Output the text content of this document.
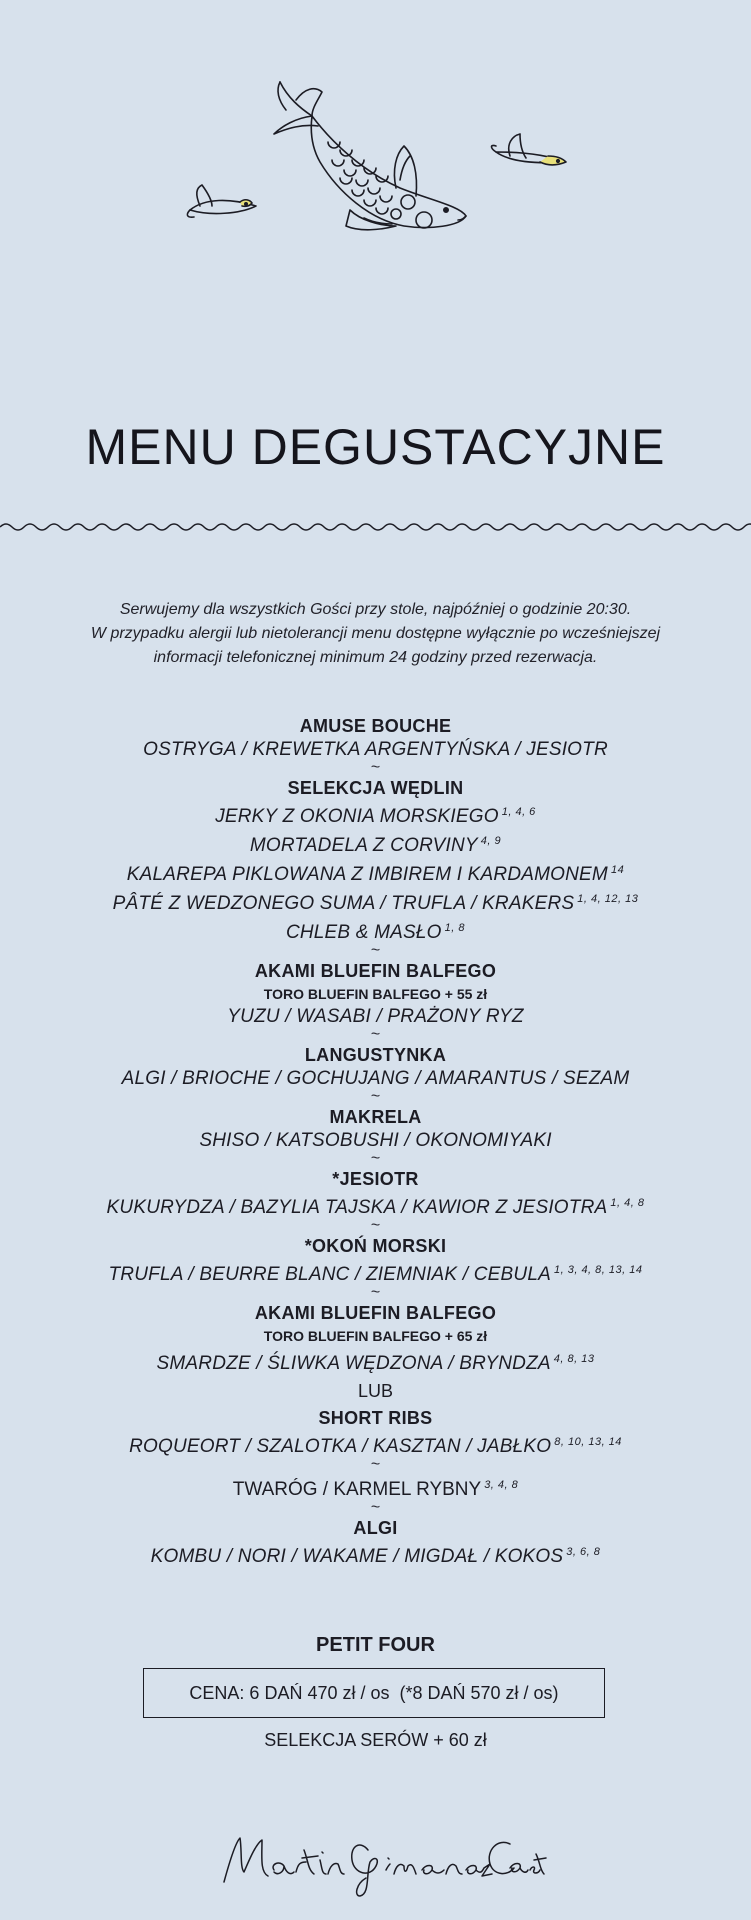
MENU DEGUSTACYJNE
Serwujemy dla wszystkich Gości przy stole, najpóźniej o godzinie 20:30.
W przypadku alergii lub nietolerancji menu dostępne wyłącznie po wcześniejszej
informacji telefonicznej minimum 24 godziny przed rezerwacja.
AMUSE BOUCHE
OSTRYGA / KREWETKA ARGENTYŃSKA / JESIOTR
~
SELEKCJA WĘDLIN
JERKY Z OKONIA MORSKIEGO $^{1, 4, 6}$
MORTADELA Z CORVINY $^{4, 9}$
KALAREPA PIKLOWANA Z IMBIREM I KARDAMONEM $^{14}$
PÂTÉ Z WEDZONEGO SUMA / TRUFLA / KRAKERS $^{1, 4, 12, 13}$
CHLEB & MASŁO $^{1, 8}$
~
AKAMI BLUEFIN BALFEGO
TORO BLUEFIN BALFEGO + 55 zł
YUZU / WASABI / PRAŻONY RYZ
~
LANGUSTYNKA
ALGI / BRIOCHE / GOCHUJANG / AMARANTUS / SEZAM
~
MAKRELA
SHISO / KATSOBUSHI / OKONOMIYAKI
~
*JESIOTR
KUKURYDZA / BAZYLIA TAJSKA / KAWIOR Z JESIOTRA $^{1, 4, 8}$
~
*OKOŃ MORSKI
TRUFLA / BEURRE BLANC / ZIEMNIAK / CEBULA $^{1, 3, 4, 8, 13, 14}$
~
AKAMI BLUEFIN BALFEGO
TORO BLUEFIN BALFEGO + 65 zł
SMARDZE / ŚLIWKA WĘDZONA / BRYNDZA $^{4, 8, 13}$
LUB
SHORT RIBS
ROQUEORT / SZALOTKA / KASZTAN / JABŁKO $^{8, 10, 13, 14}$
~
TWARÓG / KARMEL RYBNY $^{3, 4, 8}$
~
ALGI
KOMBU / NORI / WAKAME / MIGDAŁ / KOKOS $^{3, 6, 8}$
PETIT FOUR
CENA: 6 DAŃ 470 zł / os  (*8 DAŃ 570 zł / os)
SELEKCJA SERÓW + 60 zł
